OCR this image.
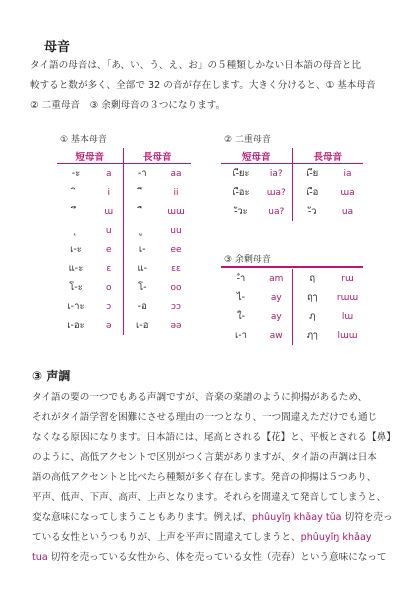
母音
タイ語の母音は、「あ、い、う、え、お」の５種類しかない日本語の母音と比
較すると数が多く、全部で 32 の音が存在します。大きく分けると、① 基本母音
② 二重母音　③ 余剰母音の３つになります。
① 基本母音
短母音		長母音	
-ะ	a	-า	aa
	i		ii
	ɯ		ɯɯ
	u		uu
เ-ะ	e	เ-	ee
แ-ะ	ɛ	แ-	ɛɛ
โ-ะ	o	โ-	oo
เ-าะ	ɔ	-อ	ɔɔ
เ-อะ	ə	เ-อ	əə
② 二重母音
短母音		長母音	
เ-ียะ	ia?	เ-ีย	ia
เ-ือะ	ɯa?	เ-ือ	ɯa
-ัวะ	ua?	-ัว	ua
③ 余剰母音
-ำ	am	ฤ	rɯ
ไ-	ay	ฤๅ	rɯɯ
ใ-	ay	ฦ	lɯ
เ-า	aw	ฦๅ	lɯɯ
③ 声調
タイ語の要の一つでもある声調ですが、音楽の楽譜のように抑揚があるため、
それがタイ語学習を困難にさせる理由の一つとなり、一つ間違えただけでも通じ
なくなる原因になります。日本語には、尾高とされる【花】と、平板とされる【鼻】
のように、高低アクセントで区別がつく言葉がありますが、タイ語の声調は日本
語の高低アクセントと比べたら種類が多く存在します。発音の抑揚は５つあり、
平声、低声、下声、高声、上声となります。それらを間違えて発音してしまうと、
変な意味になってしまうこともあります。例えば、phûuyǐŋ khǎay tǔa 切符を売っ
ている女性というつもりが、上声を平声に間違えてしまうと、phûuyǐŋ khǎay
tua 切符を売っている女性から、体を売っている女性（売春）という意味になって
